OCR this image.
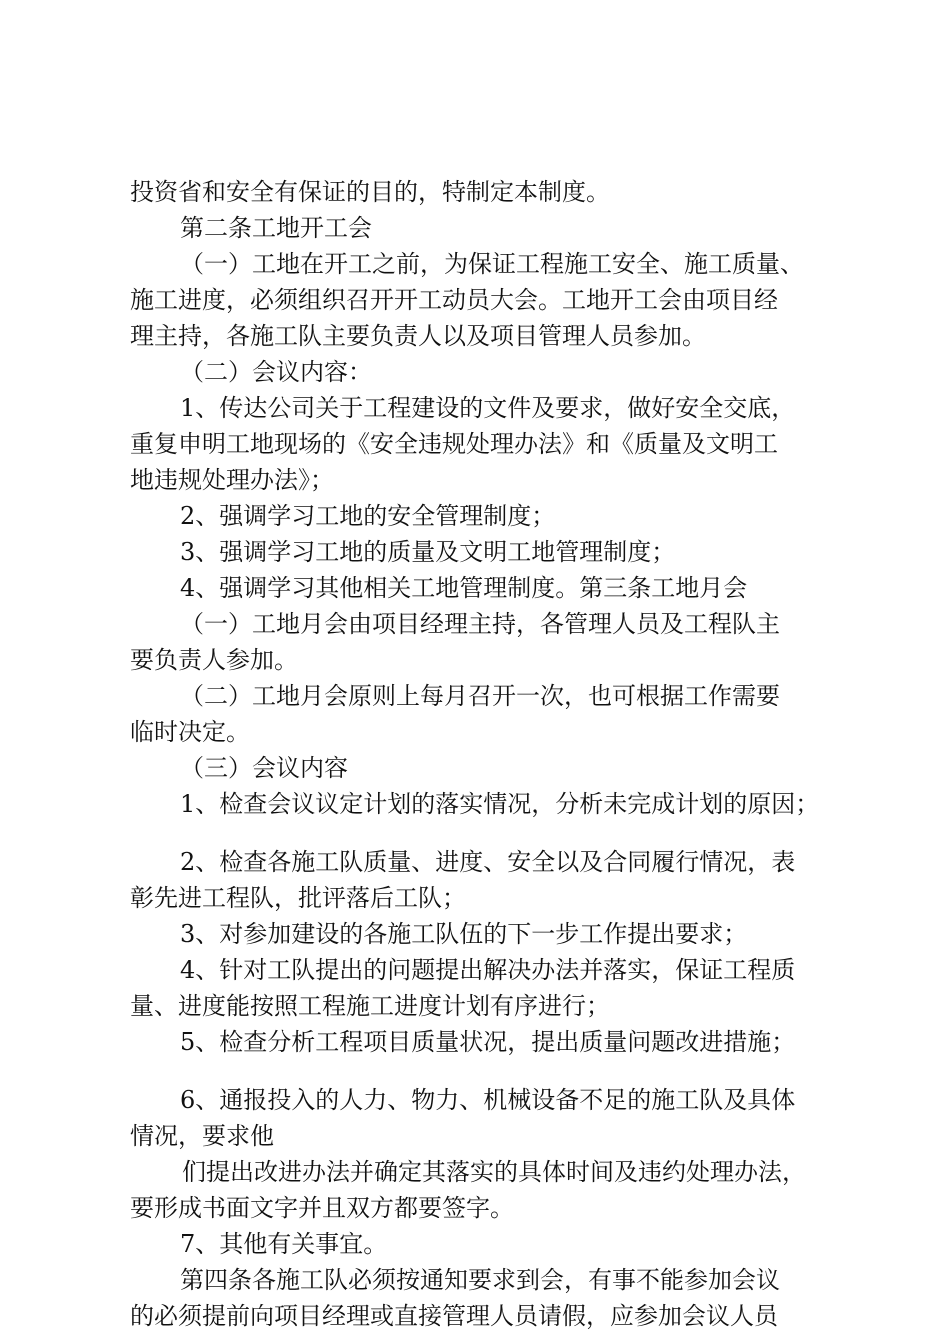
投资省和安全有保证的目的，特制定本制度。
第二条工地开工会
（一）工地在开工之前，为保证工程施工安全、施工质量、
施工进度，必须组织召开开工动员大会。工地开工会由项目经
理主持，各施工队主要负责人以及项目管理人员参加。
（二）会议内容：
1、传达公司关于工程建设的文件及要求，做好安全交底，
重复申明工地现场的《安全违规处理办法》和《质量及文明工
地违规处理办法》；
2、强调学习工地的安全管理制度；
3、强调学习工地的质量及文明工地管理制度；
4、强调学习其他相关工地管理制度。第三条工地月会
（一）工地月会由项目经理主持，各管理人员及工程队主
要负责人参加。
（二）工地月会原则上每月召开一次，也可根据工作需要
临时决定。
（三）会议内容
1、检查会议议定计划的落实情况，分析未完成计划的原因；
2、检查各施工队质量、进度、安全以及合同履行情况，表
彰先进工程队，批评落后工队；
3、对参加建设的各施工队伍的下一步工作提出要求；
4、针对工队提出的问题提出解决办法并落实，保证工程质
量、进度能按照工程施工进度计划有序进行；
5、检查分析工程项目质量状况，提出质量问题改进措施；
6、通报投入的人力、物力、机械设备不足的施工队及具体
情况，要求他
们提出改进办法并确定其落实的具体时间及违约处理办法，
要形成书面文字并且双方都要签字。
7、其他有关事宜。
第四条各施工队必须按通知要求到会，有事不能参加会议
的必须提前向项目经理或直接管理人员请假，应参加会议人员
